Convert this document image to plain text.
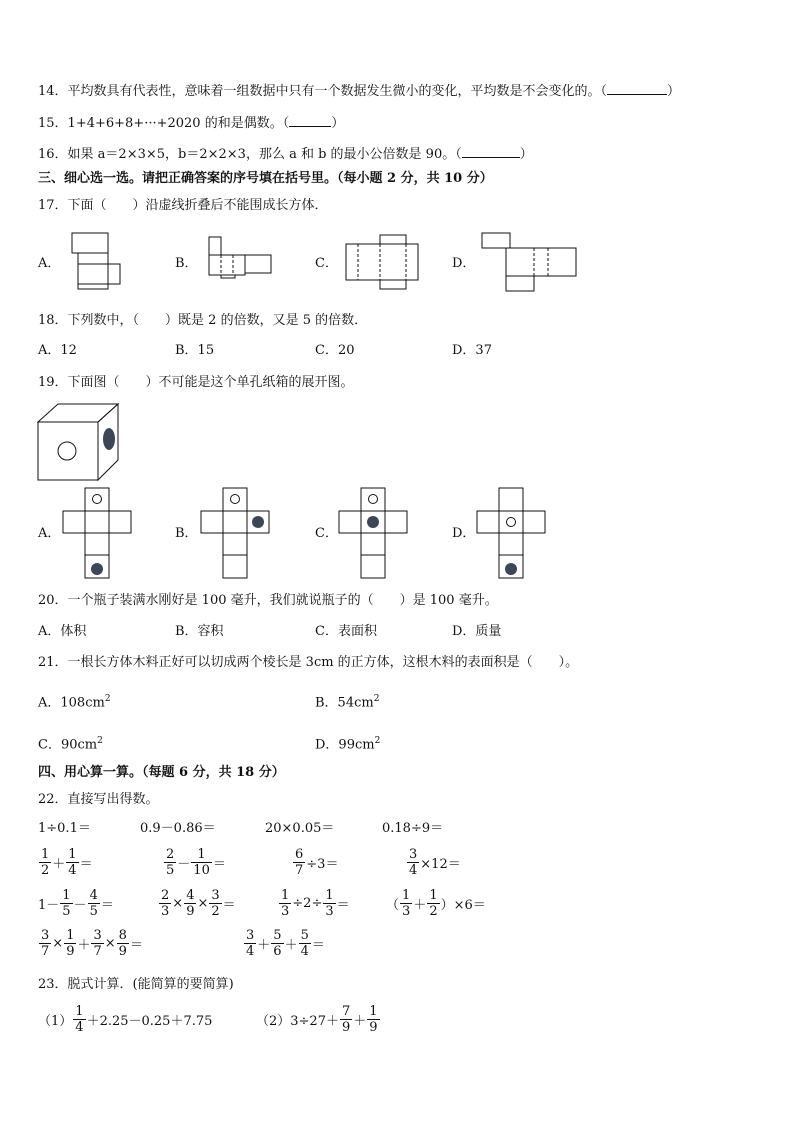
14．平均数具有代表性，意味着一组数据中只有一个数据发生微小的变化，平均数是不会变化的。（	）
15．1+4+6+8+···+2020 的和是偶数。（	）
16．如果 a＝2×3×5，b＝2×2×3，那么 a 和 b 的最小公倍数是 90。（	）
三、细心选一选。请把正确答案的序号填在括号里。（每小题 2 分，共 10 分）
17．下面（　　）沿虚线折叠后不能围成长方体．
A．	B．	C．	D．
18．下列数中，（　　）既是 2 的倍数，又是 5 的倍数．
A．12	B．15	C．20	D．37
19．下面图（　　）不可能是这个单孔纸箱的展开图。
A．	B．	C．	D．
20．一个瓶子装满水刚好是 100 毫升，我们就说瓶子的（　　）是 100 毫升。
A．体积	B．容积	C．表面积	D．质量
21．一根长方体木料正好可以切成两个棱长是 3cm 的正方体，这根木料的表面积是（　　）。
A．$108cm^2$	B．$54cm^2$
C．$90cm^2$	D．$99cm^2$
四、用心算一算。（每题 6 分，共 18 分）
22．直接写出得数。
1÷0.1＝	0.9－0.86＝	20×0.05＝	0.18÷9＝
$\frac{1}{2} + \frac{1}{4}$ ＝	$\frac{2}{5} - \frac{1}{10}$ ＝	$\frac{6}{7} \div 3=$	$\frac{3}{4} \times 12=$
$1- \frac{1}{5} - \frac{4}{5}$ ＝	$\frac{2}{3} \times \frac{4}{9} \times \frac{3}{2}$ ＝	$\frac{1}{3} \div 2\div \frac{1}{3}$ ＝	（ $\frac{1}{3} + \frac{1}{2} )\times 6=$
$\frac{3}{7} \times \frac{1}{9} + \frac{3}{7} \times \frac{8}{9}$ ＝	$\frac{3}{4} + \frac{5}{6} + \frac{5}{4}$ ＝
23．脱式计算．(能简算的要简算)
$(1) \frac{1}{4} +2.25-0.25+7.75$	$(2)3\div 27+ \frac{7}{9} + \frac{1}{9}$
